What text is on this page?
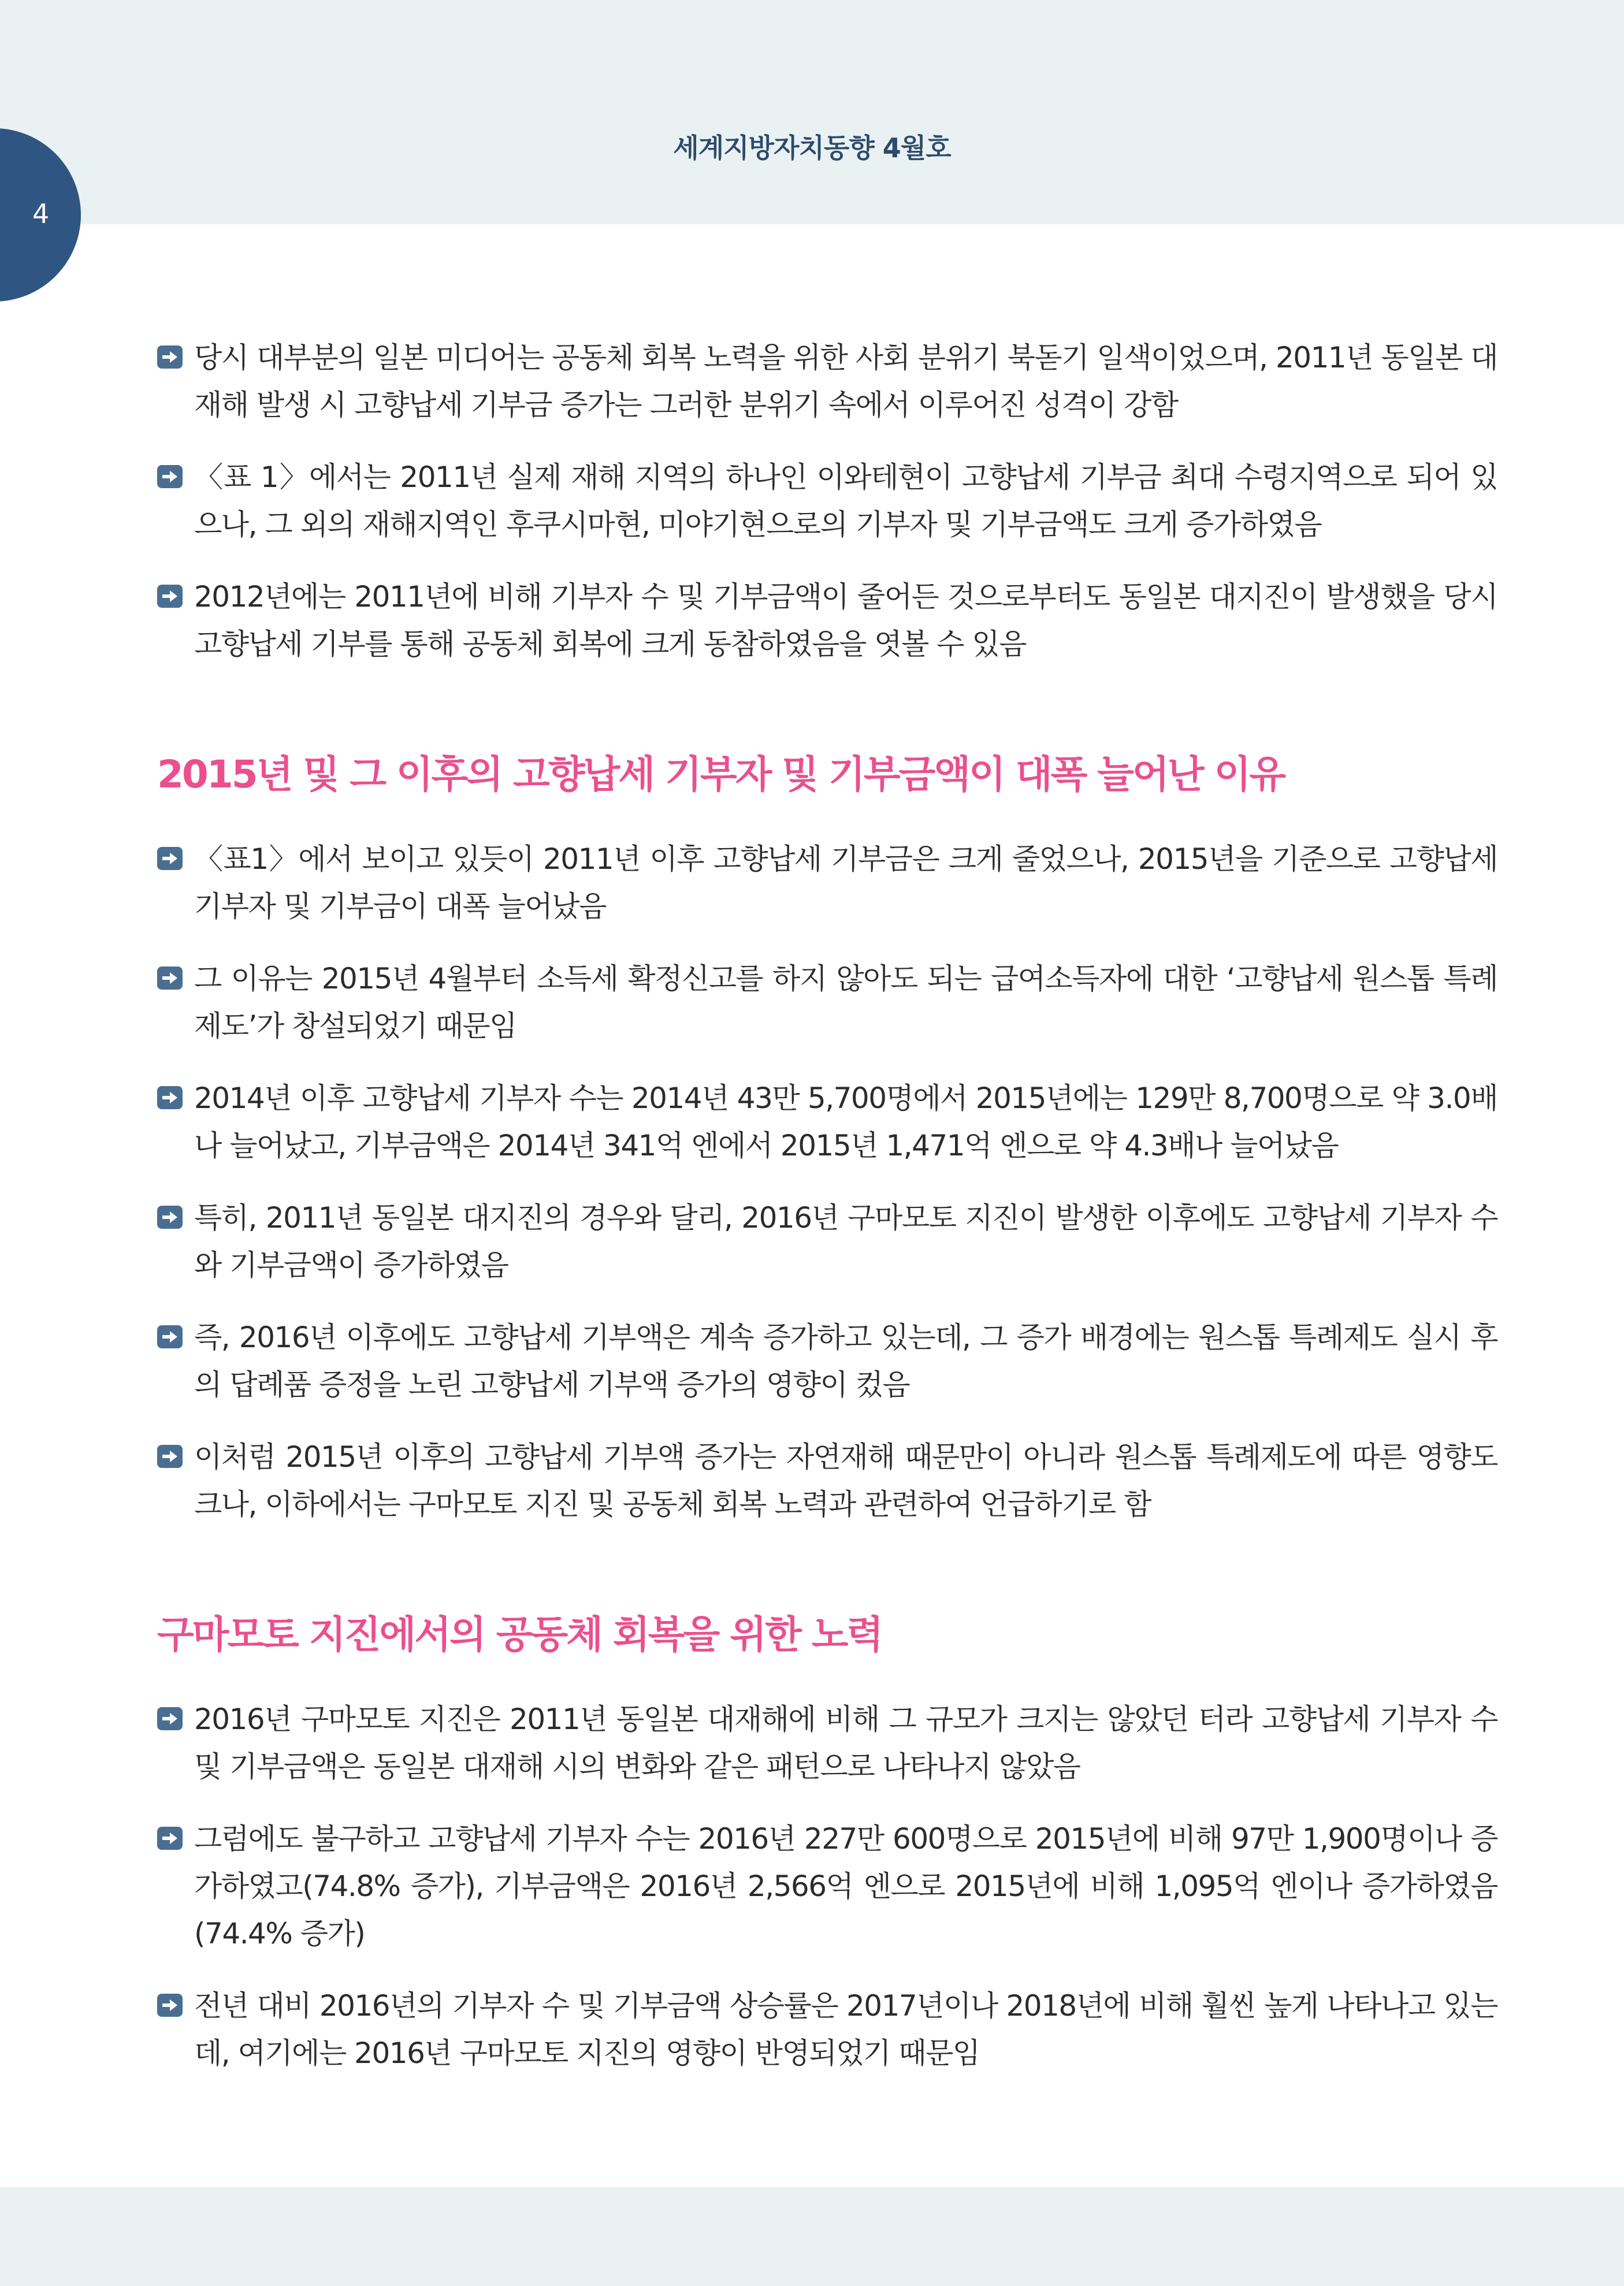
세계지방자치동향 4월호
4

당시 대부분의 일본 미디어는 공동체 회복 노력을 위한 사회 분위기 북돋기 일색이었으며, 2011년 동일본 대재해 발생 시 고향납세 기부금 증가는 그러한 분위기 속에서 이루어진 성격이 강함

〈표 1〉에서는 2011년 실제 재해 지역의 하나인 이와테현이 고향납세 기부금 최대 수령지역으로 되어 있으나, 그 외의 재해지역인 후쿠시마현, 미야기현으로의 기부자 및 기부금액도 크게 증가하였음

2012년에는 2011년에 비해 기부자 수 및 기부금액이 줄어든 것으로부터도 동일본 대지진이 발생했을 당시 고향납세 기부를 통해 공동체 회복에 크게 동참하였음을 엿볼 수 있음

2015년 및 그 이후의 고향납세 기부자 및 기부금액이 대폭 늘어난 이유

〈표1〉에서 보이고 있듯이 2011년 이후 고향납세 기부금은 크게 줄었으나, 2015년을 기준으로 고향납세 기부자 및 기부금이 대폭 늘어났음

그 이유는 2015년 4월부터 소득세 확정신고를 하지 않아도 되는 급여소득자에 대한 ‘고향납세 원스톱 특례제도’가 창설되었기 때문임

2014년 이후 고향납세 기부자 수는 2014년 43만 5,700명에서 2015년에는 129만 8,700명으로 약 3.0배나 늘어났고, 기부금액은 2014년 341억 엔에서 2015년 1,471억 엔으로 약 4.3배나 늘어났음

특히, 2011년 동일본 대지진의 경우와 달리, 2016년 구마모토 지진이 발생한 이후에도 고향납세 기부자 수와 기부금액이 증가하였음

즉, 2016년 이후에도 고향납세 기부액은 계속 증가하고 있는데, 그 증가 배경에는 원스톱 특례제도 실시 후의 답례품 증정을 노린 고향납세 기부액 증가의 영향이 컸음

이처럼 2015년 이후의 고향납세 기부액 증가는 자연재해 때문만이 아니라 원스톱 특례제도에 따른 영향도 크나, 이하에서는 구마모토 지진 및 공동체 회복 노력과 관련하여 언급하기로 함

구마모토 지진에서의 공동체 회복을 위한 노력

2016년 구마모토 지진은 2011년 동일본 대재해에 비해 그 규모가 크지는 않았던 터라 고향납세 기부자 수 및 기부금액은 동일본 대재해 시의 변화와 같은 패턴으로 나타나지 않았음

그럼에도 불구하고 고향납세 기부자 수는 2016년 227만 600명으로 2015년에 비해 97만 1,900명이나 증가하였고(74.8% 증가), 기부금액은 2016년 2,566억 엔으로 2015년에 비해 1,095억 엔이나 증가하였음(74.4% 증가)

전년 대비 2016년의 기부자 수 및 기부금액 상승률은 2017년이나 2018년에 비해 훨씬 높게 나타나고 있는데, 여기에는 2016년 구마모토 지진의 영향이 반영되었기 때문임
